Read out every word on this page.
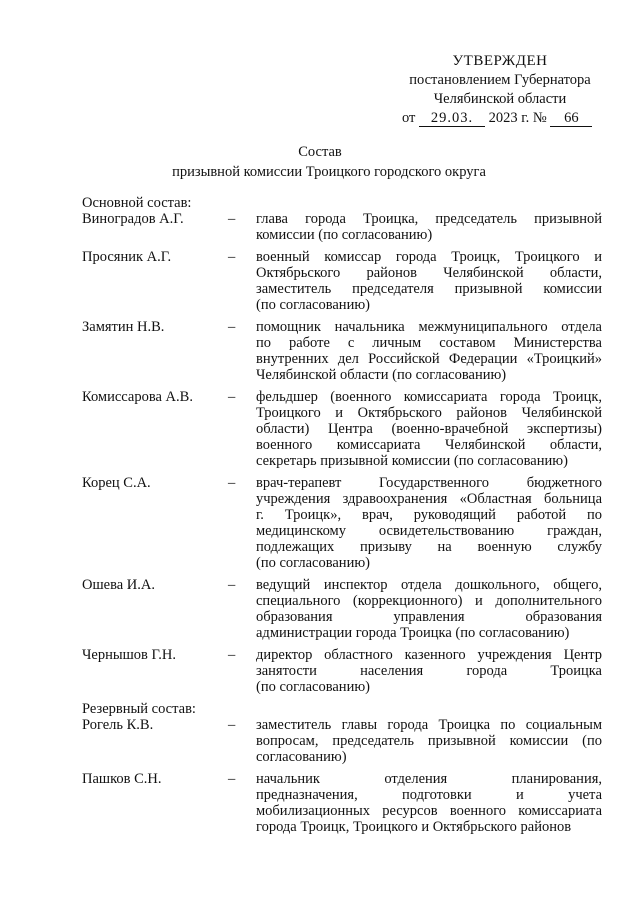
УТВЕРЖДЕН
постановлением Губернатора
Челябинской области
от 29.03. 2023 г. № 66
Состав
призывной комиссии Троицкого городского округа
Основной состав:
Виноградов А.Г.	–	глава города Троицка, председатель призывной
комиссии (по согласованию)
Просяник А.Г.	–	военный комиссар города Троицк, Троицкого и
Октябрьского районов Челябинской области,
заместитель председателя призывной комиссии
(по согласованию)
Замятин Н.В.	–	помощник начальника межмуниципального отдела
по работе с личным составом Министерства
внутренних дел Российской Федерации «Троицкий»
Челябинской области (по согласованию)
Комиссарова А.В.	–	фельдшер (военного комиссариата города Троицк,
Троицкого и Октябрьского районов Челябинской
области) Центра (военно-врачебной экспертизы)
военного комиссариата Челябинской области,
секретарь призывной комиссии (по согласованию)
Корец С.А.	–	врач-терапевт Государственного бюджетного
учреждения здравоохранения «Областная больница
г. Троицк», врач, руководящий работой по
медицинскому освидетельствованию граждан,
подлежащих призыву на военную службу
(по согласованию)
Ошева И.А.	–	ведущий инспектор отдела дошкольного, общего,
специального (коррекционного) и дополнительного
образования управления образования
администрации города Троицка (по согласованию)
Чернышов Г.Н.	–	директор областного казенного учреждения Центр
занятости населения города Троицка
(по согласованию)
Резервный состав:
Рогель К.В.	–	заместитель главы города Троицка по социальным
вопросам, председатель призывной комиссии (по
согласованию)
Пашков С.Н.	–	начальник отделения планирования,
предназначения, подготовки и учета
мобилизационных ресурсов военного комиссариата
города Троицк, Троицкого и Октябрьского районов
